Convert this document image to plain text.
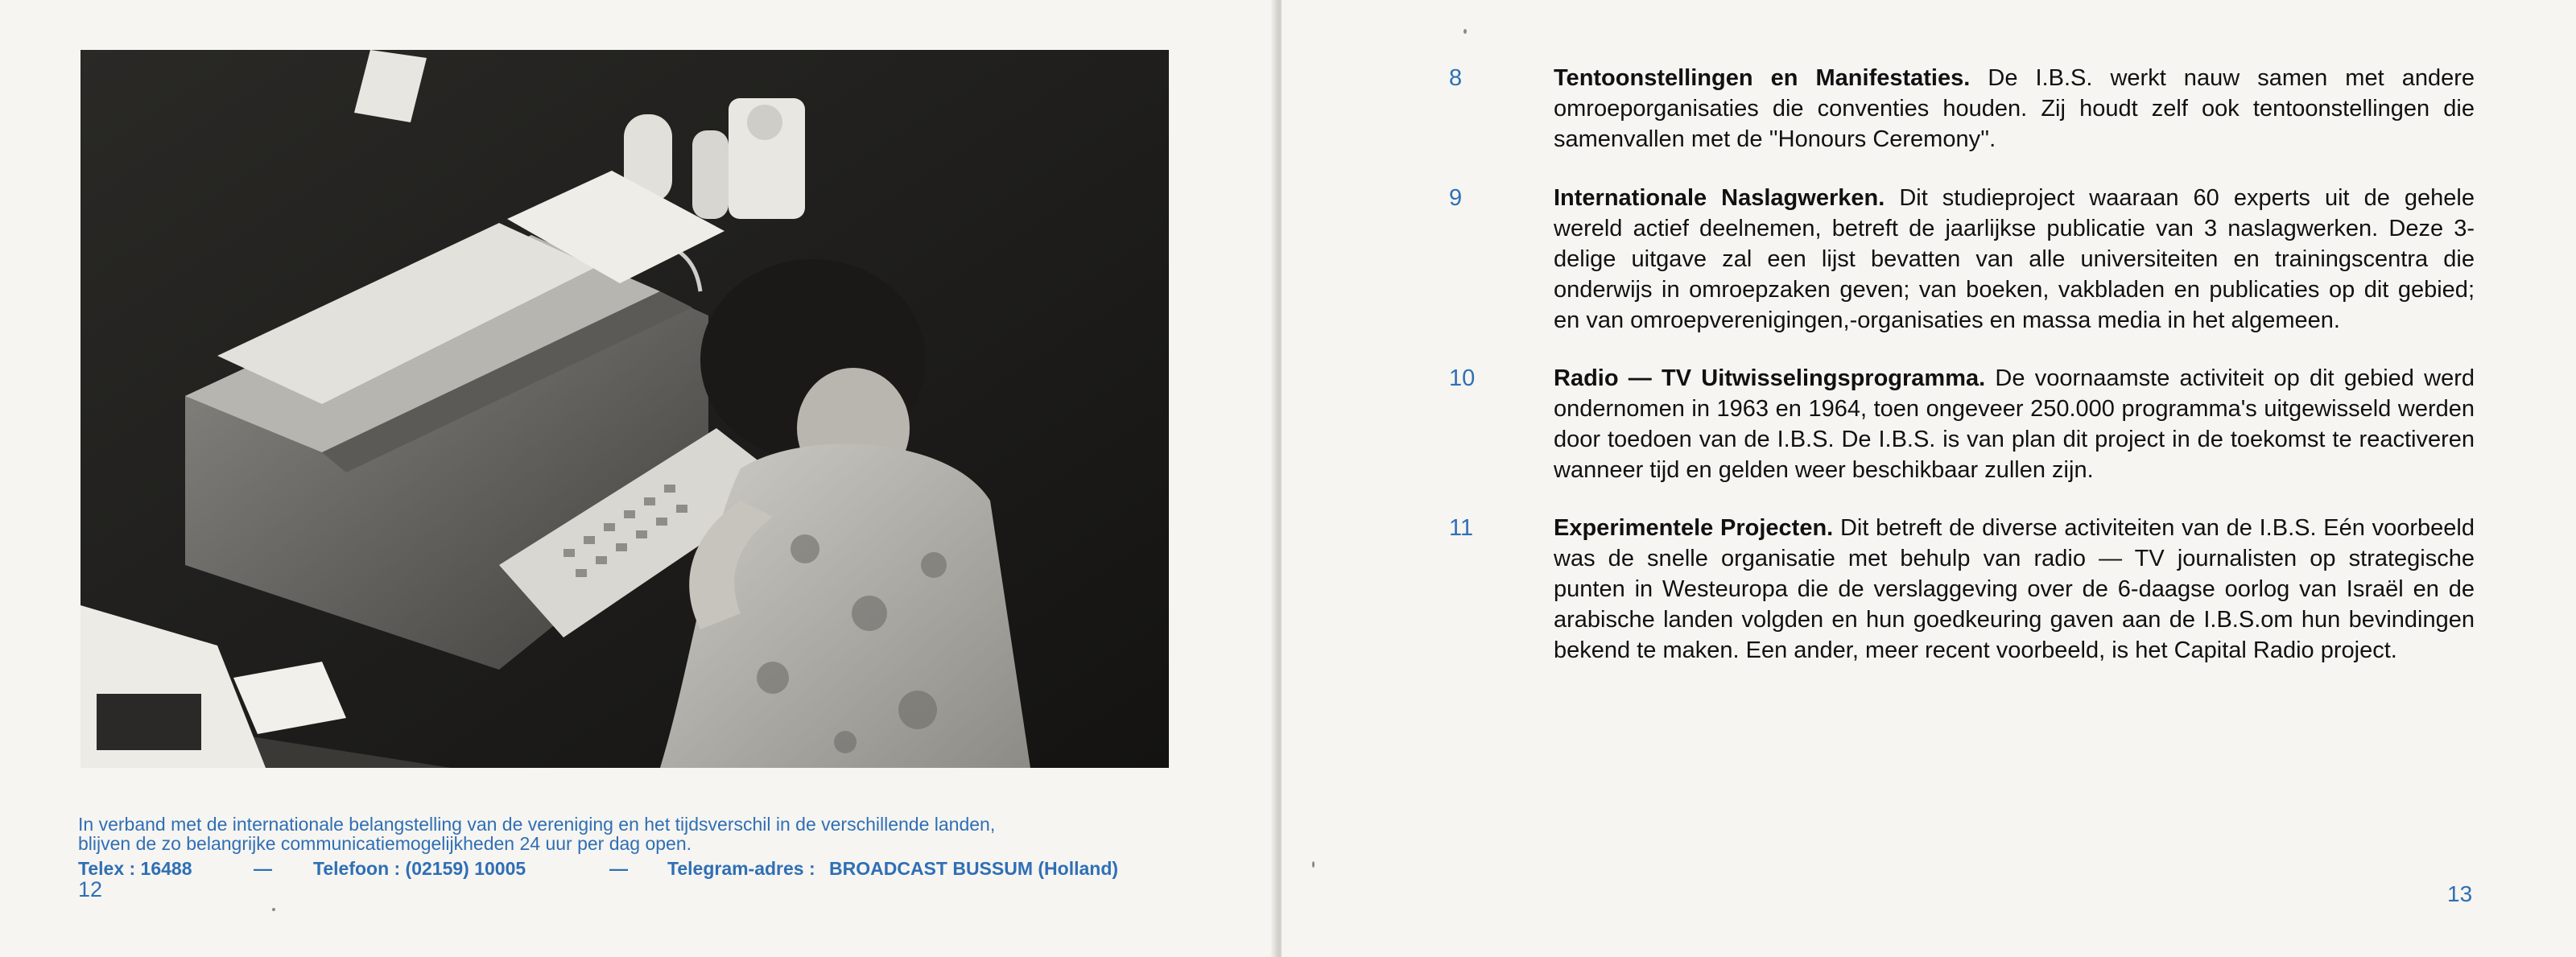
In verband met de internationale belangstelling van de vereniging en het tijdsverschil in de verschillende landen,
blijven de zo belangrijke communicatiemogelijkheden 24 uur per dag open.
Telex : 16488	— Telefoon : (02159) 10005	— Telegram-adres : BROADCAST BUSSUM (Holland)
12
8	Tentoonstellingen en Manifestaties. De I.B.S. werkt nauw samen met andere omroeporganisaties die conventies houden. Zij houdt zelf ook tentoonstellingen die samenvallen met de ''Honours Ceremony''.
9	Internationale Naslagwerken. Dit studieproject waaraan 60 experts uit de gehele wereld actief deelnemen, betreft de jaarlijkse publicatie van 3 naslagwerken. Deze 3-delige uitgave zal een lijst bevatten van alle universiteiten en trainingscentra die onderwijs in omroepzaken geven; van boeken, vakbladen en publicaties op dit gebied; en van omroepverenigingen,-organisaties en massa media in het algemeen.
10	Radio — TV Uitwisselingsprogramma. De voornaamste activiteit op dit gebied werd ondernomen in 1963 en 1964, toen ongeveer 250.000 programma's uitgewisseld werden door toedoen van de I.B.S. De I.B.S. is van plan dit project in de toekomst te reactiveren wanneer tijd en gelden weer beschikbaar zullen zijn.
11	Experimentele Projecten. Dit betreft de diverse activiteiten van de I.B.S. Eén voorbeeld was de snelle organisatie met behulp van radio — TV journalisten op strategische punten in Westeuropa die de verslaggeving over de 6-daagse oorlog van Israël en de arabische landen volgden en hun goedkeuring gaven aan de I.B.S.om hun bevindingen bekend te maken. Een ander, meer recent voorbeeld, is het Capital Radio project.
13
